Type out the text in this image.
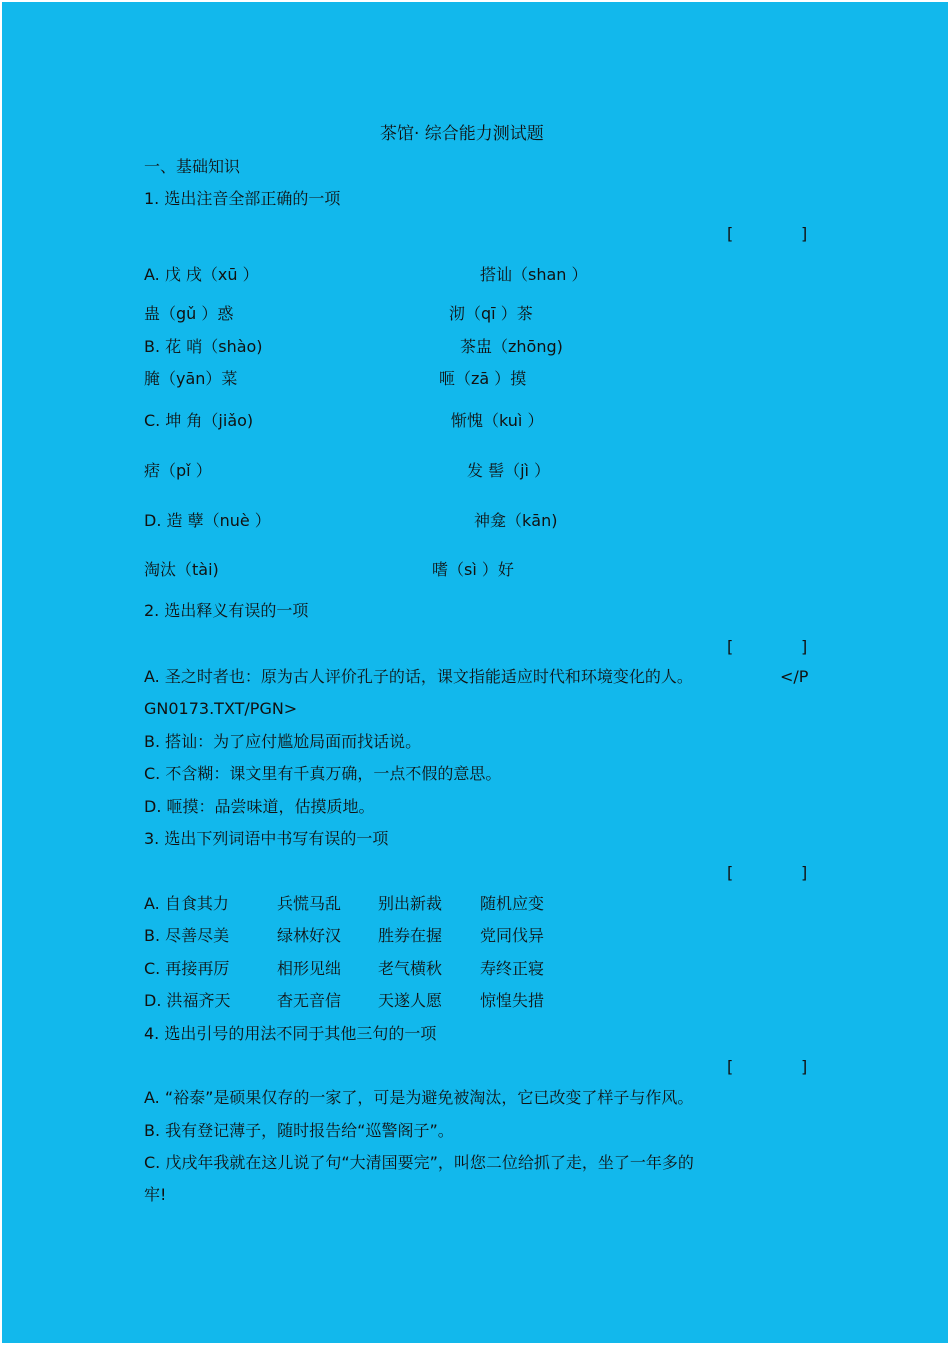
茶馆· 综合能力测试题
一、基础知识
1. 选出注音全部正确的一项
[	]
A. 戊 戌（xū ）	搭讪（shan ）
蛊（gǔ ）惑	沏（qī ）茶
B. 花 哨（shào)	茶盅（zhōng)
腌（yān）菜	咂（zā ）摸
C. 坤 角（jiǎo)	惭愧（kuì ）
痞（pǐ ）	发 髻（jì ）
D. 造 孽（nuè ）	神龛（kān)
淘汰（tài)	嗜（sì ）好
2. 选出释义有误的一项
[	]
A. 圣之时者也：原为古人评价孔子的话，课文指能适应时代和环境变化的人。	</P
GN0173.TXT/PGN>
B. 搭讪：为了应付尴尬局面而找话说。
C. 不含糊：课文里有千真万确，一点不假的意思。
D. 咂摸：品尝味道，估摸质地。
3. 选出下列词语中书写有误的一项
[	]
A. 自食其力	兵慌马乱 别出新裁 随机应变
B. 尽善尽美	绿林好汉 胜券在握 党同伐异
C. 再接再厉	相形见绌 老气横秋 寿终正寝
D. 洪福齐天	杳无音信 天遂人愿 惊惶失措
4. 选出引号的用法不同于其他三句的一项
[	]
A. “裕泰”是硕果仅存的一家了，可是为避免被淘汰，它已改变了样子与作风。
B. 我有登记薄子，随时报告给“巡警阁子”。
C. 戊戌年我就在这儿说了句“大清国要完”，叫您二位给抓了走，坐了一年多的
牢!
